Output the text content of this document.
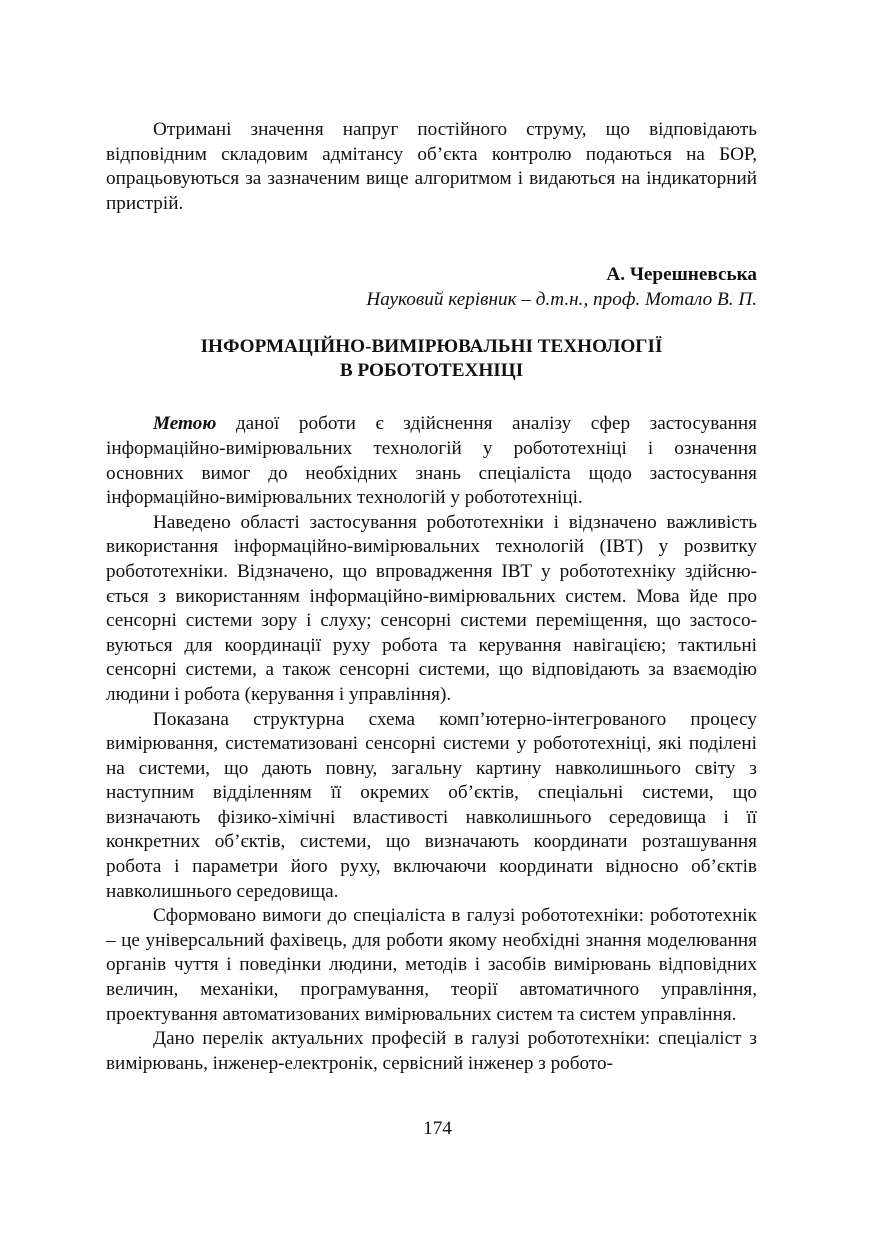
Отримані значення напруг постійного струму, що відповідають відповідним складовим адмітансу об’єкта контролю подаються на БОР, опрацьовуються за зазначеним вище алгоритмом і видаються на індикаторний пристрій.

А. Черешневська
Науковий керівник – д.т.н., проф. Мотало В. П.
ІНФОРМАЦІЙНО-ВИМІРЮВАЛЬНІ ТЕХНОЛОГІЇ
В РОБОТОТЕХНІЦІ

Метою даної роботи є здійснення аналізу сфер застосування інформаційно-вимірювальних технологій у робототехніці і означення основних вимог до необхідних знань спеціаліста щодо застосування інформаційно-вимірювальних технологій у робототехніці.

Наведено області застосування робототехніки і відзначено важливість використання інформаційно-вимірювальних технологій (ІВТ) у розвитку робототехніки. Відзначено, що впровадження ІВТ у робототехніку здійснюється з використанням інформаційно-вимірювальних систем. Мова йде про сенсорні системи зору і слуху; сенсорні системи переміщення, що застосовуються для координації руху робота та керування навігацією; тактильні сенсорні системи, а також сенсорні системи, що відповідають за взаємодію людини і робота (керування і управління).

Показана структурна схема комп’ютерно-інтегрованого процесу вимірювання, систематизовані сенсорні системи у робототехніці, які поділені на системи, що дають повну, загальну картину навколишнього світу з наступним відділенням її окремих об’єктів, спеціальні системи, що визначають фізико-хімічні властивості навколишнього середовища і її конкретних об’єктів, системи, що визначають координати розташування робота і параметри його руху, включаючи координати відносно об’єктів навколишнього середовища.

Сформовано вимоги до спеціаліста в галузі робототехніки: робототехнік – це універсальний фахівець, для роботи якому необхідні знання моделювання органів чуття і поведінки людини, методів і засобів вимірювань відповідних величин, механіки, програмування, теорії автоматичного управління, проектування автоматизованих вимірювальних систем та систем управління.

Дано перелік актуальних професій в галузі робототехніки: спеціаліст з вимірювань, інженер-електронік, сервісний інженер з робото-

174
